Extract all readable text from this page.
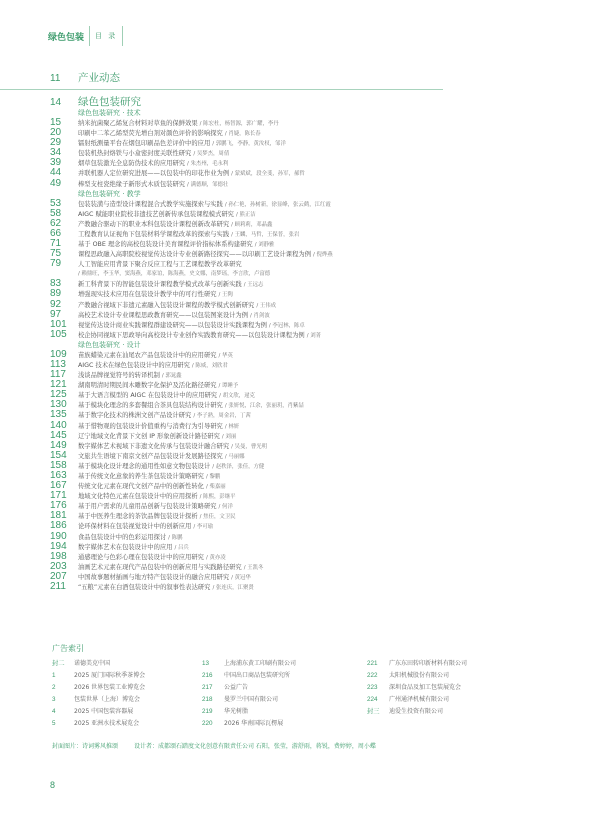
绿色包装 目 录
11	产业动态
14	绿色包装研究
绿色包装研究 · 技术
15	纳米抗菌聚乙烯复合材料对草鱼的保鲜效果 / 陈宏杜，杨智源，郭广耀，李丹
20	印刷中二苯乙烯型荧光增白剂对颜色评价的影响探究 / 肖婕，陈长春
29	镭射纸测量平台在烟包印刷品色差评价中的应用 / 郭鹏飞，李静，黄汝权，邹洋
34	包装机热封烙铁与小盒密封度关联性研究 / 吴梦杰，周倩
39	烟草包装激光全息防伪技术的应用研究 / 朱杰州，毛永利
44	并联机器人定位研究进展——以包装中的印花作业为例 / 蒙斌斌，段全斐，孙军，郝哲
49	棒型支柱瓷绝缘子新形式木质包装研究 / 满德顺，邹德壮
绿色包装研究 · 教学
53	包装装潢与造型设计课程混合式教学实施探索与实践 / 孙仁艳，孙树新，徐显峰，张云鹤，江红霞
58	AIGC 赋能职业院校非遗技艺创新传承包装课程模式研究 / 熊正洁
62	产教融合驱动下的职业本科包装设计课程创新改革研究 / 顾莉莉，邓晶鑫
66	工程教育认证视角下包装材料学课程改革的探索与实践 / 王麟，马哲，王保普，张岩
71	基于 OBE 理念的高校包装设计美育课程评价指标体系构建研究 / 刘静雅
75	课程思政融入高职院校视觉传达设计专业创新路径探究——以印刷工艺设计课程为例 / 倪烨燕
79	人工智能应用背景下聚合反应工程与工艺课程教学改革研究
/ 赖鼎旺，李玉华，窦海燕，邓家谊，陈海燕，史文娜，南梦瑶，李言欣，卢富德
83	新工科背景下的智能包装设计课程教学模式改革与创新实践 / 王远志
89	增强现实技术应用在包装设计教学中的可行性研究 / 王陶
92	产教融合视域下非遗元素融入包装设计课程的教学模式创新研究 / 王伟成
97	高校艺术设计专业课程思政教育研究——以包装图案设计为例 / 肖剑波
101	视觉传达设计商业实践课程群建设研究——以包装设计实践课程为例 / 李冠林，陈卓
105	校企协同视域下思政导向高校设计专业创作实践教育研究——以包装设计课程为例 / 刘菁
绿色包装研究 · 设计
109	苗族蜡染元素在汕尾农产品包装设计中的应用研究 / 华英
113	AIGC 技术在绿色包装设计中的应用研究 / 陈威，刘欣君
117	浅谈品牌视觉符号的转译机制 / 郭晁鑫
121	湖南明清时期民间木雕数字化保护及活化路径研究 / 谭睡予
125	基于大语言模型的 AIGC 在包装设计中的应用研究 / 胡文欣，逯克
130	基于模块化理念的多套餐组合茶具包装结构设计研究 / 张妍悦，江余，张丽玥，肖紫喆
135	基于数字化技术的株洲文创产品设计研究 / 李子熟，周金岩，丁茜
140	基于惜物观的包装设计价值重构与消费行为引导研究 / 林妍
145	辽宁地域文化背景下文创 IP 形象创新设计路径研究 / 刘丽
149	数字媒体艺术视域下非遗文化传承与包装设计融合研究 / 吴曼，曹光明
154	文旅共生语境下南京文创产品包装设计发展路径探究 / 马丽娜
158	基于模块化设计理念的通用性如意文物包装设计 / 赵秩泽，张佳，方健
163	基于传统文化意象的养生茶包装设计策略研究 / 黎鹏
167	传统文化元素在现代文创产品中的创新性转化 / 柴嘉丽
171	地域文化特色元素在包装设计中的应用探析 / 陈熙，彭继平
176	基于用户需求的儿童用品创新与包装设计策略研究 / 何洋
181	基于中医养生理念的茶饮品牌包装设计探析 / 焦佳，文卫民
186	论环保材料在包装视觉设计中的创新应用 / 李可瑜
190	食品包装设计中的色彩运用探讨 / 陈鹏
194	数字媒体艺术在包装设计中的应用 / 吕兵
198	通感理论与色彩心理在包装设计中的应用研究 / 黄亦凌
203	油画艺术元素在现代产品包装中的创新应用与实践路径研究 / 王凯冬
207	中国故事题材插画与地方特产包装设计的融合应用研究 / 黄冠华
211	“五粮”元素在白酒包装设计中的叙事性表达研究 / 张连庆，江聚贤
广告索引
封二	诺德美克中国
1	2025 厦门国际秋季茶博会
2	2026 世界包装工业博览会
3	包装世界（上海）博览会
4	2025 中国包装容器展
5	2025 亚洲水技术展览会
13	上海浦东黄工印刷有限公司
216	中国出口商品包装研究所
217	公益广告
218	曼罗兰中国有限公司
219	华光树脂
220	2026 华南国际瓦楞展
221	广东东田转印新材料有限公司
222	太阳机械股份有限公司
223	深圳食品及加工包装展览会
224	广州通泽机械有限公司
封三	迪爱生投资有限公司
封面图片：诗词雾风推颂	设计者：成都颂石踏度文化创意有限责任公司 石阳，张莹，游舒雨，蒋锐，费婷婷，周小蝶
8
